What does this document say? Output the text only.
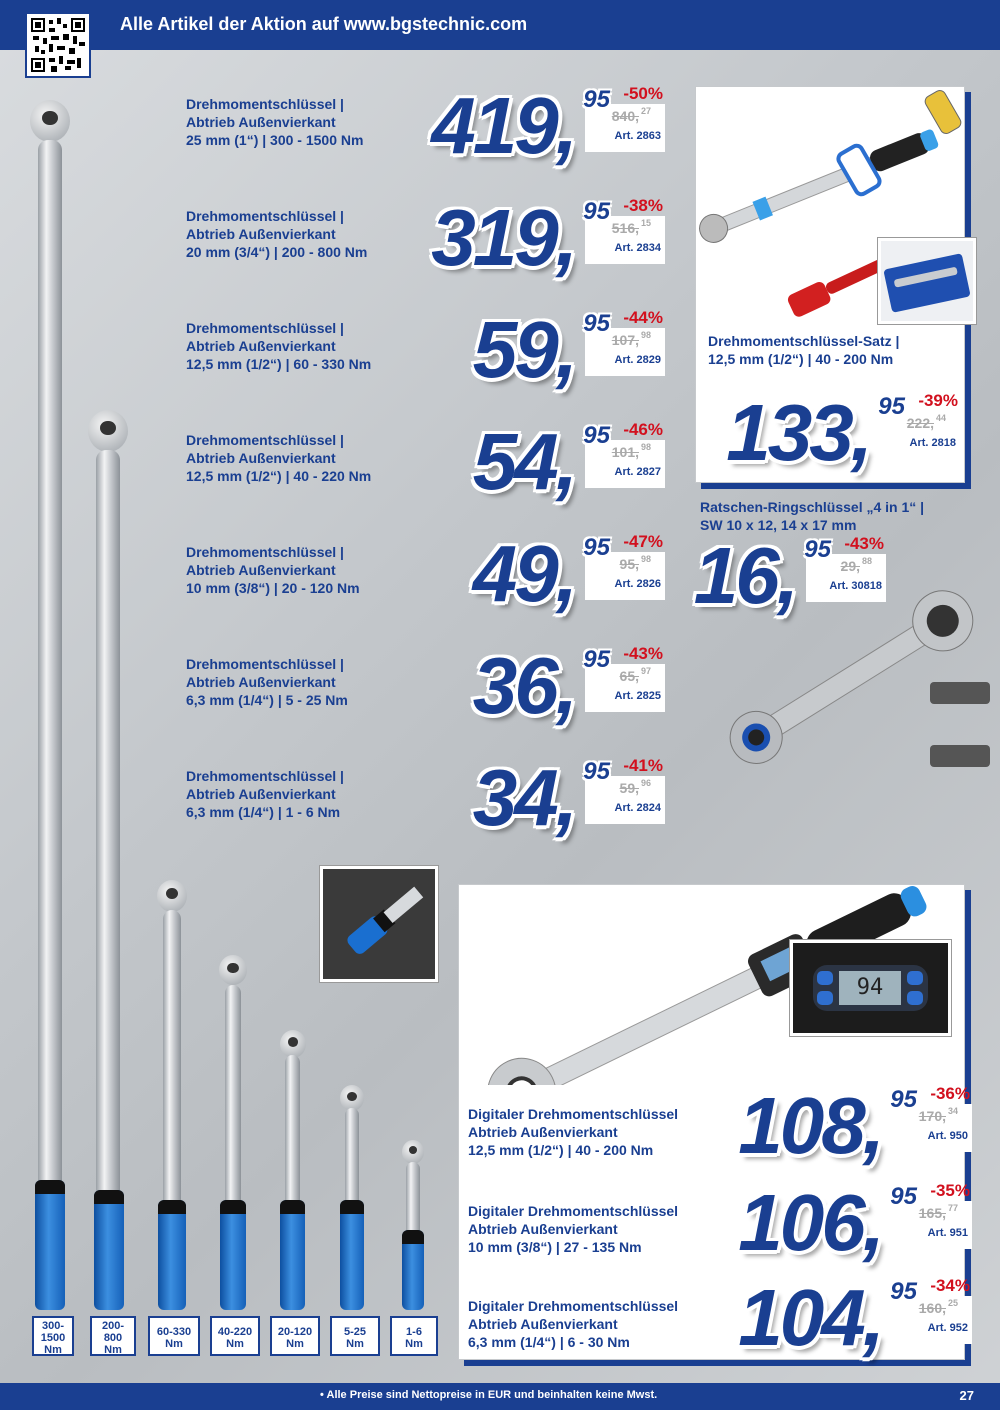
Alle Artikel der Aktion auf www.bgstechnic.com
• Alle Preise sind Nettopreise in EUR und beinhalten keine Mwst.	27
300-
1500
Nm
200-
800
Nm
60-330
Nm
40-220
Nm
20-120
Nm
5-25
Nm
1-6
Nm
Drehmomentschlüssel |
Abtrieb Außenvierkant
25 mm (1“) | 300 - 1500 Nm 419, 95 -50%
840, 27
Art. 2863
Drehmomentschlüssel |
Abtrieb Außenvierkant
20 mm (3/4“) | 200 - 800 Nm 319, 95 -38%
516, 15
Art. 2834
Drehmomentschlüssel |
Abtrieb Außenvierkant
12,5 mm (1/2“) | 60 - 330 Nm 59, 95 -44%
107, 98
Art. 2829
Drehmomentschlüssel |
Abtrieb Außenvierkant
12,5 mm (1/2“) | 40 - 220 Nm 54, 95 -46%
101, 98
Art. 2827
Drehmomentschlüssel |
Abtrieb Außenvierkant
10 mm (3/8“) | 20 - 120 Nm 49, 95 -47%
95, 98
Art. 2826
Drehmomentschlüssel |
Abtrieb Außenvierkant
6,3 mm (1/4“) | 5 - 25 Nm 36, 95 -43%
65, 97
Art. 2825
Drehmomentschlüssel |
Abtrieb Außenvierkant
6,3 mm (1/4“) | 1 - 6 Nm 34, 95 -41%
59, 96
Art. 2824
Drehmomentschlüssel-Satz |
12,5 mm (1/2“) | 40 - 200 Nm
133, 95 -39%
222, 44
Art. 2818
Ratschen-Ringschlüssel „4 in 1“ |
SW 10 x 12, 14 x 17 mm
16, 95 -43%
29, 88
Art. 30818
94
Digitaler Drehmomentschlüssel
Abtrieb Außenvierkant
12,5 mm (1/2“) | 40 - 200 Nm	108, 95 -36%
170, 34
Art. 950
Digitaler Drehmomentschlüssel
Abtrieb Außenvierkant
10 mm (3/8“) | 27 - 135 Nm	106, 95 -35%
165, 77
Art. 951
Digitaler Drehmomentschlüssel
Abtrieb Außenvierkant
6,3 mm (1/4“) | 6 - 30 Nm	104, 95 -34%
160, 25
Art. 952
